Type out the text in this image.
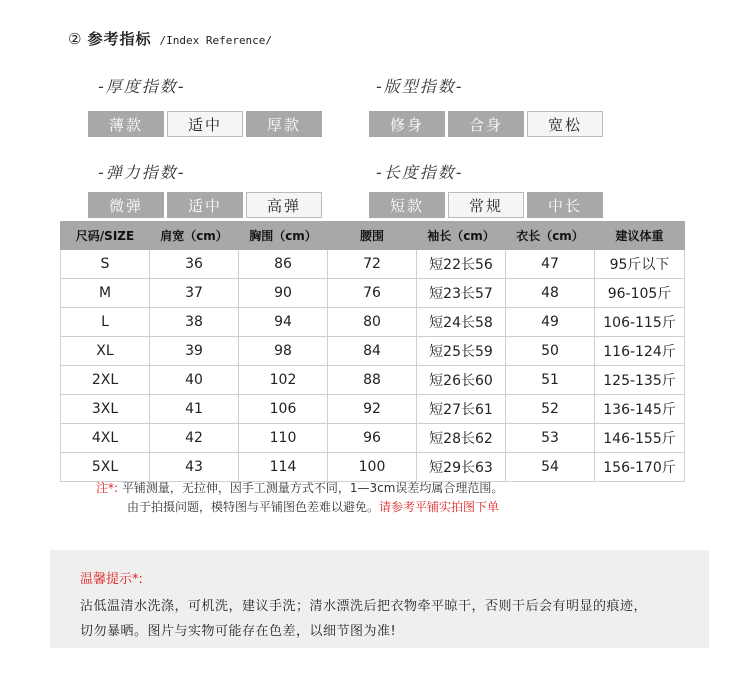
② 参考指标 /Index Reference/
-厚度指数-
薄款	适中	厚款
-版型指数-
修身	合身	宽松
-弹力指数-
微弹	适中	高弹
-长度指数-
短款	常规	中长
尺码/SIZE	肩宽（cm）	胸围（cm）	腰围	袖长（cm）	衣长（cm）	建议体重
S	36	86	72	短22长56	47	95斤以下
M	37	90	76	短23长57	48	96-105斤
L	38	94	80	短24长58	49	106-115斤
XL	39	98	84	短25长59	50	116-124斤
2XL	40	102	88	短26长60	51	125-135斤
3XL	41	106	92	短27长61	52	136-145斤
4XL	42	110	96	短28长62	53	146-155斤
5XL	43	114	100	短29长63	54	156-170斤
注*: 平铺测量，无拉伸，因手工测量方式不同，1—3cm误差均属合理范围。
由于拍摄问题，模特图与平铺图色差难以避免。请参考平铺实拍图下单
温馨提示*:
沾低温清水洗涤，可机洗，建议手洗；清水漂洗后把衣物牵平晾干，否则干后会有明显的痕迹，
切勿暴晒。图片与实物可能存在色差，以细节图为准!
